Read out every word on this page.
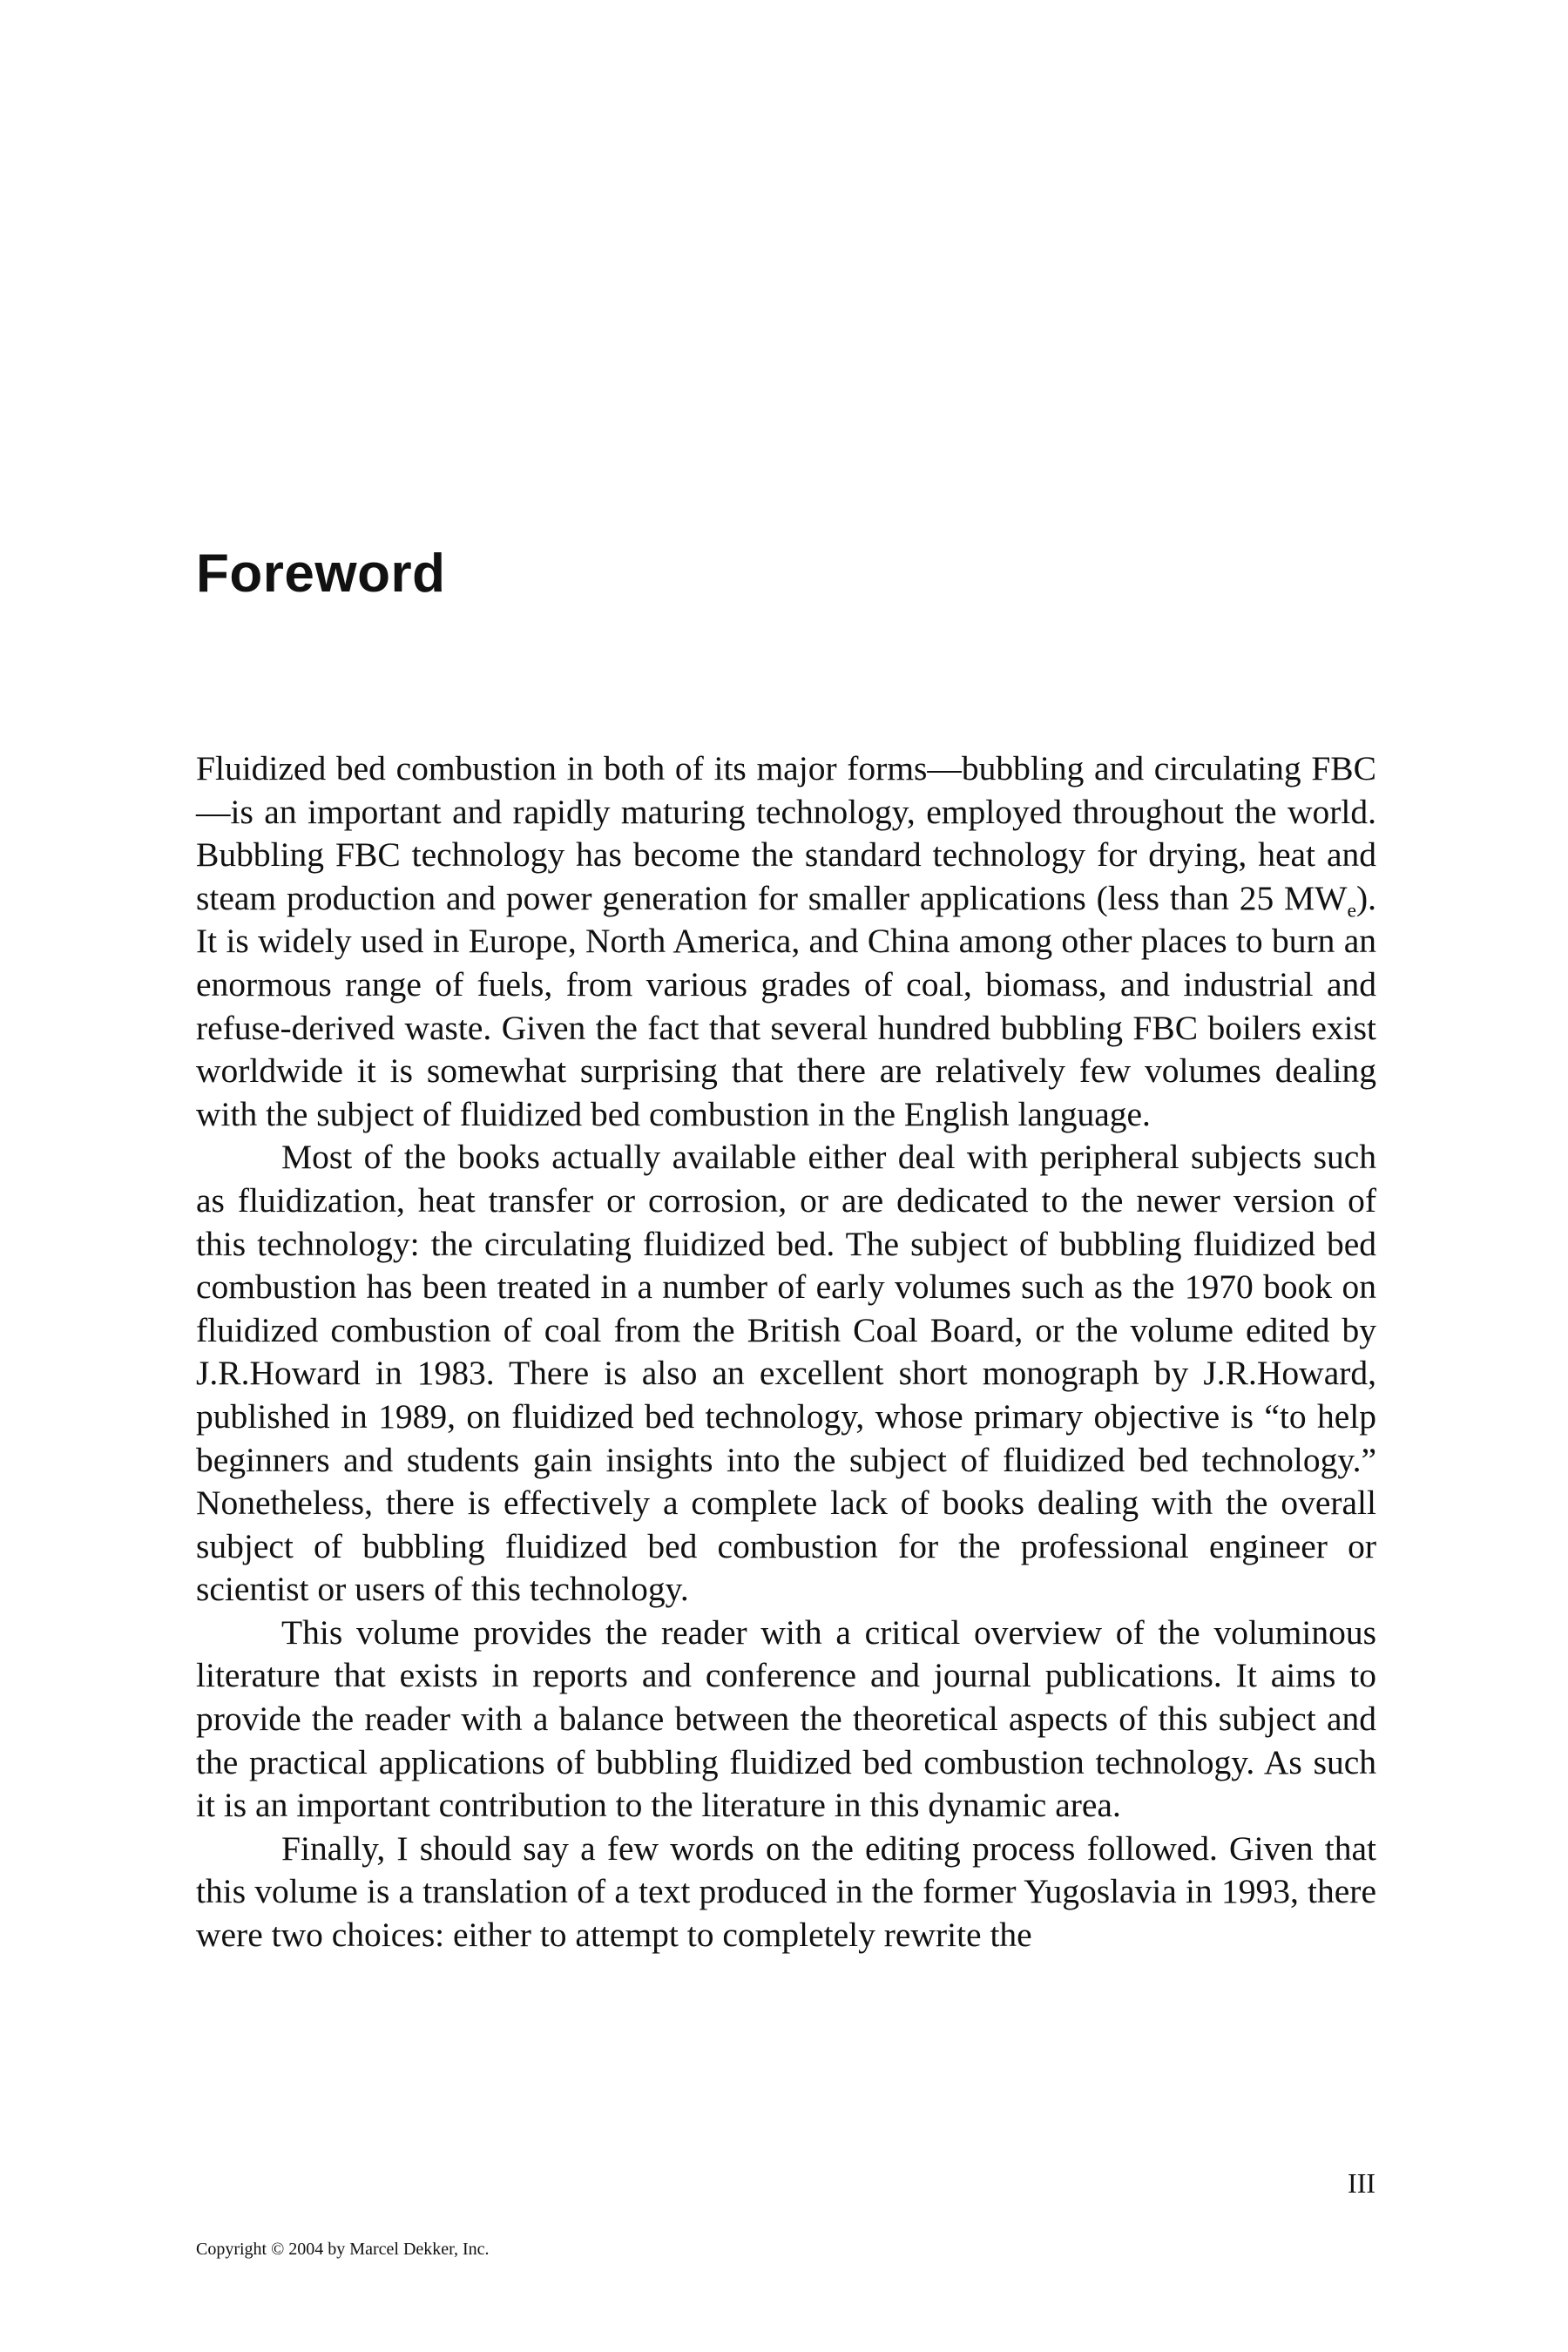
Foreword

Fluidized bed combustion in both of its major forms—bubbling and circulating FBC—is an important and rapidly maturing technology, employed throughout the world. Bubbling FBC technology has become the standard technology for drying, heat and steam production and power generation for smaller applications (less than 25 $MW_e$). It is widely used in Europe, North America, and China among other places to burn an enormous range of fuels, from various grades of coal, biomass, and industrial and refuse-derived waste. Given the fact that several hundred bubbling FBC boilers exist worldwide it is somewhat surprising that there are relatively few volumes dealing with the subject of fluidized bed combustion in the English language.

Most of the books actually available either deal with peripheral subjects such as fluidization, heat transfer or corrosion, or are dedicated to the newer version of this technology: the circulating fluidized bed. The subject of bubbling fluidized bed combustion has been treated in a number of early volumes such as the 1970 book on fluidized combustion of coal from the British Coal Board, or the volume edited by J.R.Howard in 1983. There is also an excellent short monograph by J.R.Howard, published in 1989, on fluidized bed technology, whose primary objective is “to help beginners and students gain insights into the subject of fluidized bed technology.” Nonetheless, there is effectively a complete lack of books dealing with the overall subject of bubbling fluidized bed combustion for the professional engineer or scientist or users of this technology.

This volume provides the reader with a critical overview of the voluminous literature that exists in reports and conference and journal publications. It aims to provide the reader with a balance between the theoretical aspects of this subject and the practical applications of bubbling fluidized bed combustion technology. As such it is an important contribution to the literature in this dynamic area.

Finally, I should say a few words on the editing process followed. Given that this volume is a translation of a text produced in the former Yugoslavia in 1993, there were two choices: either to attempt to completely rewrite the

III
Copyright © 2004 by Marcel Dekker, Inc.
